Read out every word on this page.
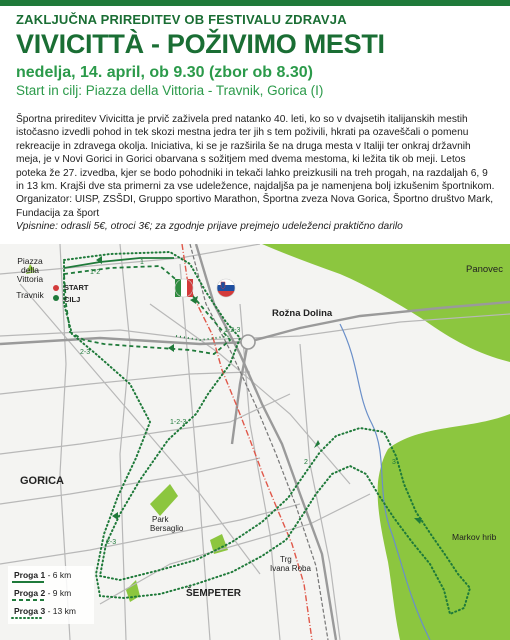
ZAKLJUČNA PRIREDITEV OB FESTIVALU ZDRAVJA
VIVICITTÀ - POŽIVIMO MESTI
nedelja, 14. april, ob 9.30 (zbor ob 8.30)
Start in cilj: Piazza della Vittoria - Travnik, Gorica (I)

Športna prireditev Vivicitta je prvič zaživela pred natanko 40. leti, ko so v dvajsetih italijanskih mestih istočasno izvedli pohod in tek skozi mestna jedra ter jih s tem poživili, hkrati pa ozaveščali o pomenu rekreacije in zdravega okolja. Iniciativa, ki se je razširila še na druga mesta v Italiji ter onkraj državnih meja, je v Novi Gorici in Gorici obarvana s sožitjem med dvema mestoma, ki ležita tik ob meji. Letos poteka že 27. izvedba, kjer se bodo pohodniki in tekači lahko preizkusili na treh progah, na razdaljah 6, 9 in 13 km. Krajši dve sta primerni za vse udeležence, najdaljša pa je namenjena bolj izkušenim športnikom.

Organizator: UISP, ZSŠDI, Gruppo sportivo Marathon, Športna zveza Nova Gorica, Športno društvo Mark, Fundacija za šport

Vpisnine: odrasli 5€, otroci 3€; za zgodnje prijave prejmejo udeleženci praktično darilo

Piazza
della
Vittoria
Travnik
START
CILJ
Panovec
Rožna Dolina
GORICA
Park
Bersaglio
Trg
Ivana Roba
ŠEMPETER
Markov hrib
1
1-2
1-2-3
2-3
3
2
1-2-3
2-3
Proga 1 - 6 km
Proga 2 - 9 km
Proga 3 - 13 km
